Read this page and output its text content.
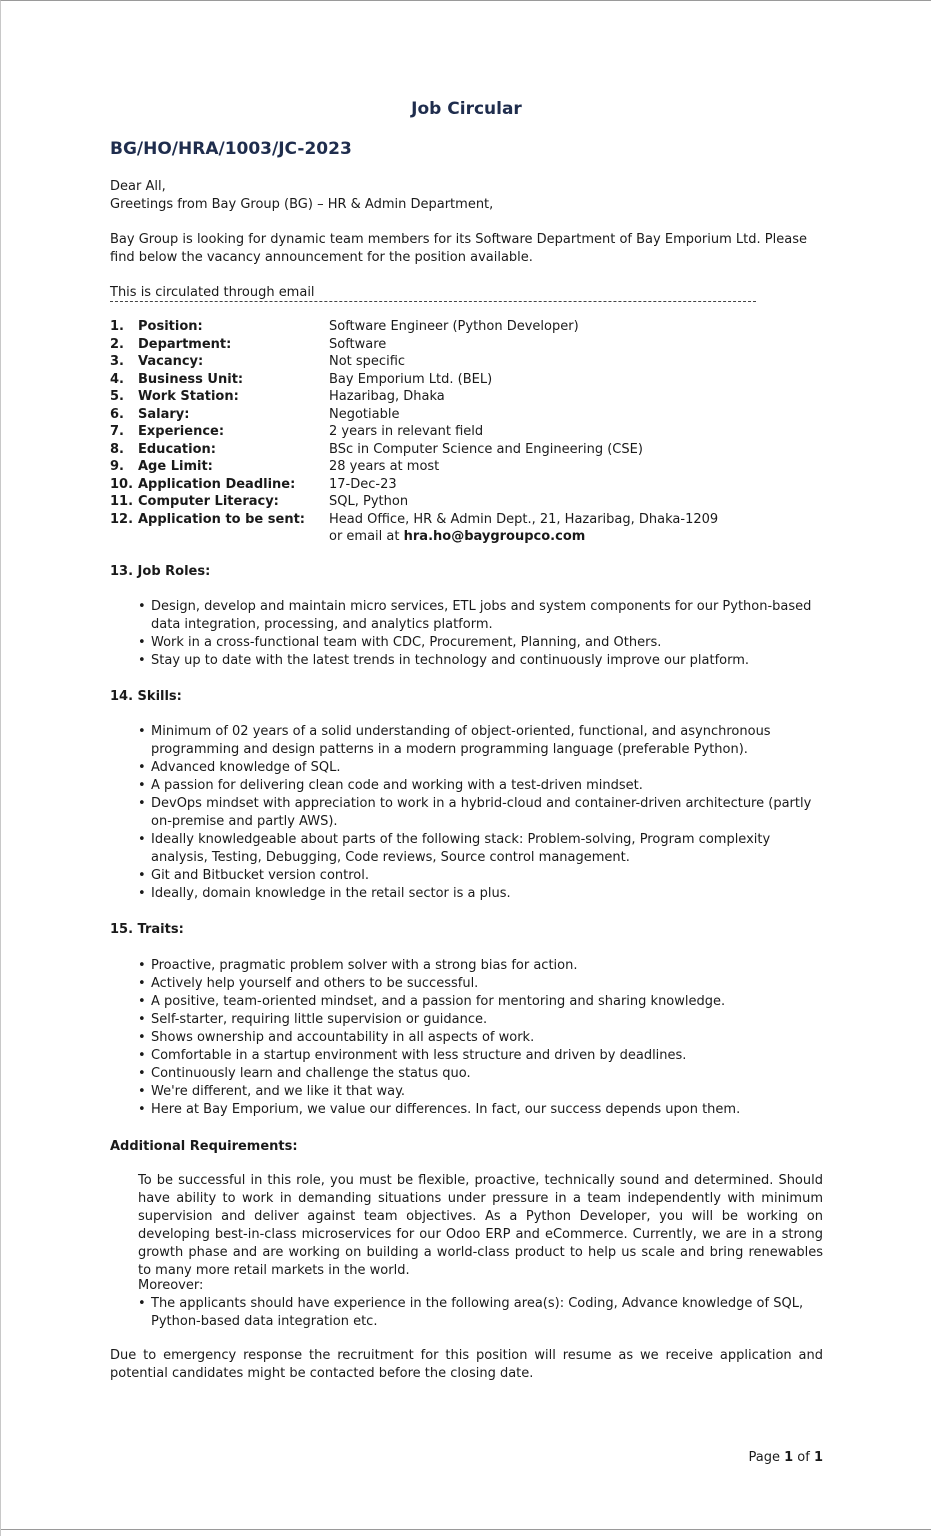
Job Circular
BG/HO/HRA/1003/JC-2023
Dear All,
Greetings from Bay Group (BG) – HR & Admin Department,
Bay Group is looking for dynamic team members for its Software Department of Bay Emporium Ltd. Please find below the vacancy announcement for the position available.
This is circulated through email
1. Position:	Software Engineer (Python Developer)
2. Department:	Software
3. Vacancy:	Not specific
4. Business Unit:	Bay Emporium Ltd. (BEL)
5. Work Station:	Hazaribag, Dhaka
6. Salary:	Negotiable
7. Experience:	2 years in relevant field
8. Education:	BSc in Computer Science and Engineering (CSE)
9. Age Limit:	28 years at most
10. Application Deadline:	17-Dec-23
11. Computer Literacy:	SQL, Python
12. Application to be sent: Head Office, HR & Admin Dept., 21, Hazaribag, Dhaka-1209
or email at hra.ho@baygroupco.com
13. Job Roles:
• Design, develop and maintain micro services, ETL jobs and system components for our Python-based data integration, processing, and analytics platform.
• Work in a cross-functional team with CDC, Procurement, Planning, and Others.
• Stay up to date with the latest trends in technology and continuously improve our platform.
14. Skills:
• Minimum of 02 years of a solid understanding of object-oriented, functional, and asynchronous programming and design patterns in a modern programming language (preferable Python).
• Advanced knowledge of SQL.
• A passion for delivering clean code and working with a test-driven mindset.
• DevOps mindset with appreciation to work in a hybrid-cloud and container-driven architecture (partly on-premise and partly AWS).
• Ideally knowledgeable about parts of the following stack: Problem-solving, Program complexity analysis, Testing, Debugging, Code reviews, Source control management.
• Git and Bitbucket version control.
• Ideally, domain knowledge in the retail sector is a plus.
15. Traits:
• Proactive, pragmatic problem solver with a strong bias for action.
• Actively help yourself and others to be successful.
• A positive, team-oriented mindset, and a passion for mentoring and sharing knowledge.
• Self-starter, requiring little supervision or guidance.
• Shows ownership and accountability in all aspects of work.
• Comfortable in a startup environment with less structure and driven by deadlines.
• Continuously learn and challenge the status quo.
• We're different, and we like it that way.
• Here at Bay Emporium, we value our differences. In fact, our success depends upon them.
Additional Requirements:
To be successful in this role, you must be flexible, proactive, technically sound and determined. Should have ability to work in demanding situations under pressure in a team independently with minimum supervision and deliver against team objectives. As a Python Developer, you will be working on developing best-in-class microservices for our Odoo ERP and eCommerce. Currently, we are in a strong growth phase and are working on building a world-class product to help us scale and bring renewables to many more retail markets in the world.
Moreover:
• The applicants should have experience in the following area(s): Coding, Advance knowledge of SQL, Python-based data integration etc.
Due to emergency response the recruitment for this position will resume as we receive application and potential candidates might be contacted before the closing date.
Page 1 of 1
